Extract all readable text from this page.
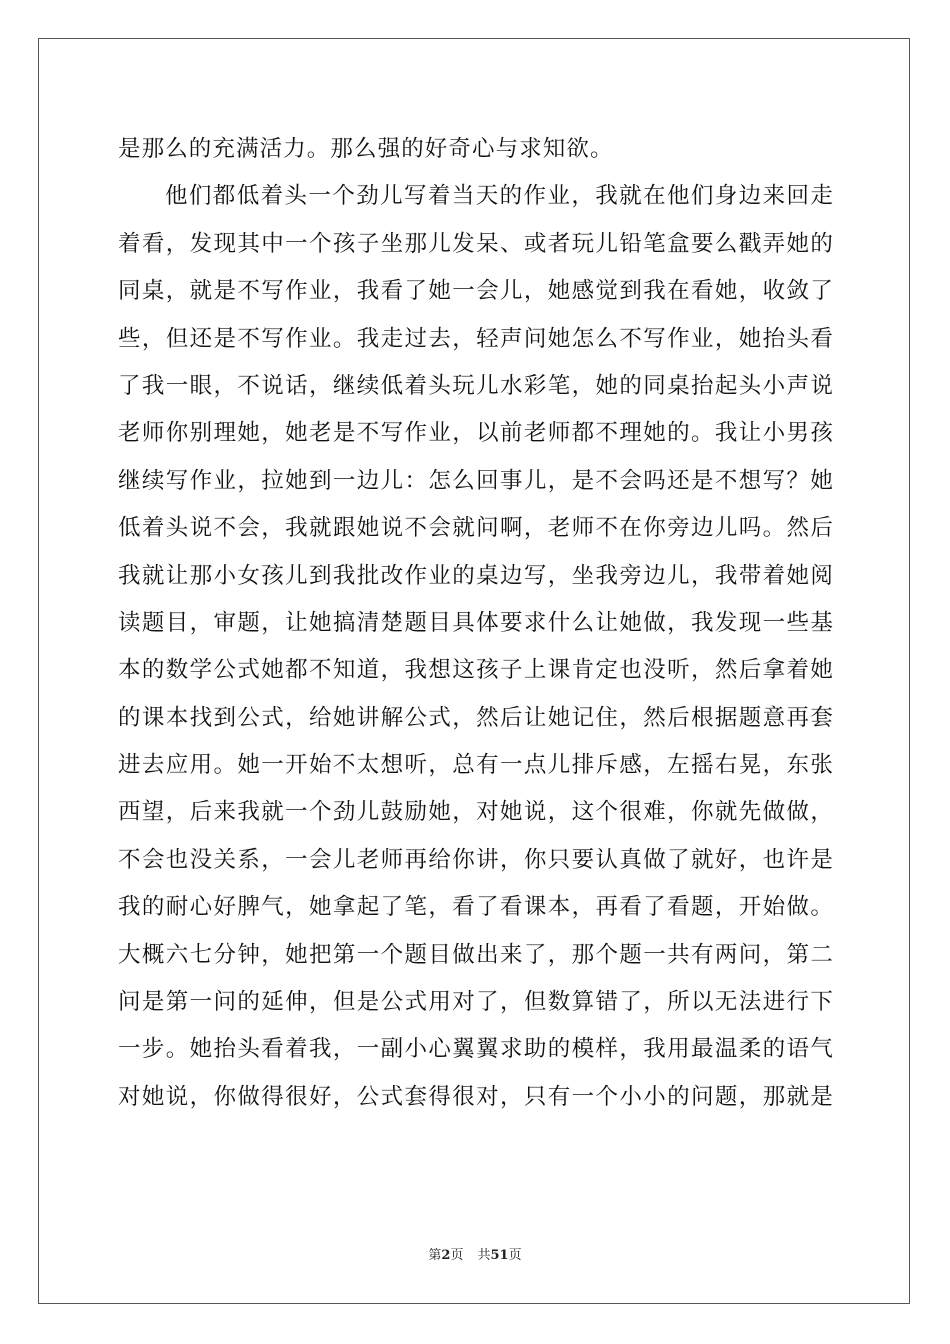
是那么的充满活力。那么强的好奇心与求知欲。
他们都低着头一个劲儿写着当天的作业，我就在他们身边来回走
着看，发现其中一个孩子坐那儿发呆、或者玩儿铅笔盒要么戳弄她的
同桌，就是不写作业，我看了她一会儿，她感觉到我在看她，收敛了
些，但还是不写作业。我走过去，轻声问她怎么不写作业，她抬头看
了我一眼，不说话，继续低着头玩儿水彩笔，她的同桌抬起头小声说
老师你别理她，她老是不写作业，以前老师都不理她的。我让小男孩
继续写作业，拉她到一边儿：怎么回事儿，是不会吗还是不想写？她
低着头说不会，我就跟她说不会就问啊，老师不在你旁边儿吗。然后
我就让那小女孩儿到我批改作业的桌边写，坐我旁边儿，我带着她阅
读题目，审题，让她搞清楚题目具体要求什么让她做，我发现一些基
本的数学公式她都不知道，我想这孩子上课肯定也没听，然后拿着她
的课本找到公式，给她讲解公式，然后让她记住，然后根据题意再套
进去应用。她一开始不太想听，总有一点儿排斥感，左摇右晃，东张
西望，后来我就一个劲儿鼓励她，对她说，这个很难，你就先做做，
不会也没关系，一会儿老师再给你讲，你只要认真做了就好，也许是
我的耐心好脾气，她拿起了笔，看了看课本，再看了看题，开始做。
大概六七分钟，她把第一个题目做出来了，那个题一共有两问，第二
问是第一问的延伸，但是公式用对了，但数算错了，所以无法进行下
一步。她抬头看着我，一副小心翼翼求助的模样，我用最温柔的语气
对她说，你做得很好，公式套得很对，只有一个小小的问题，那就是
第2页 共51页
